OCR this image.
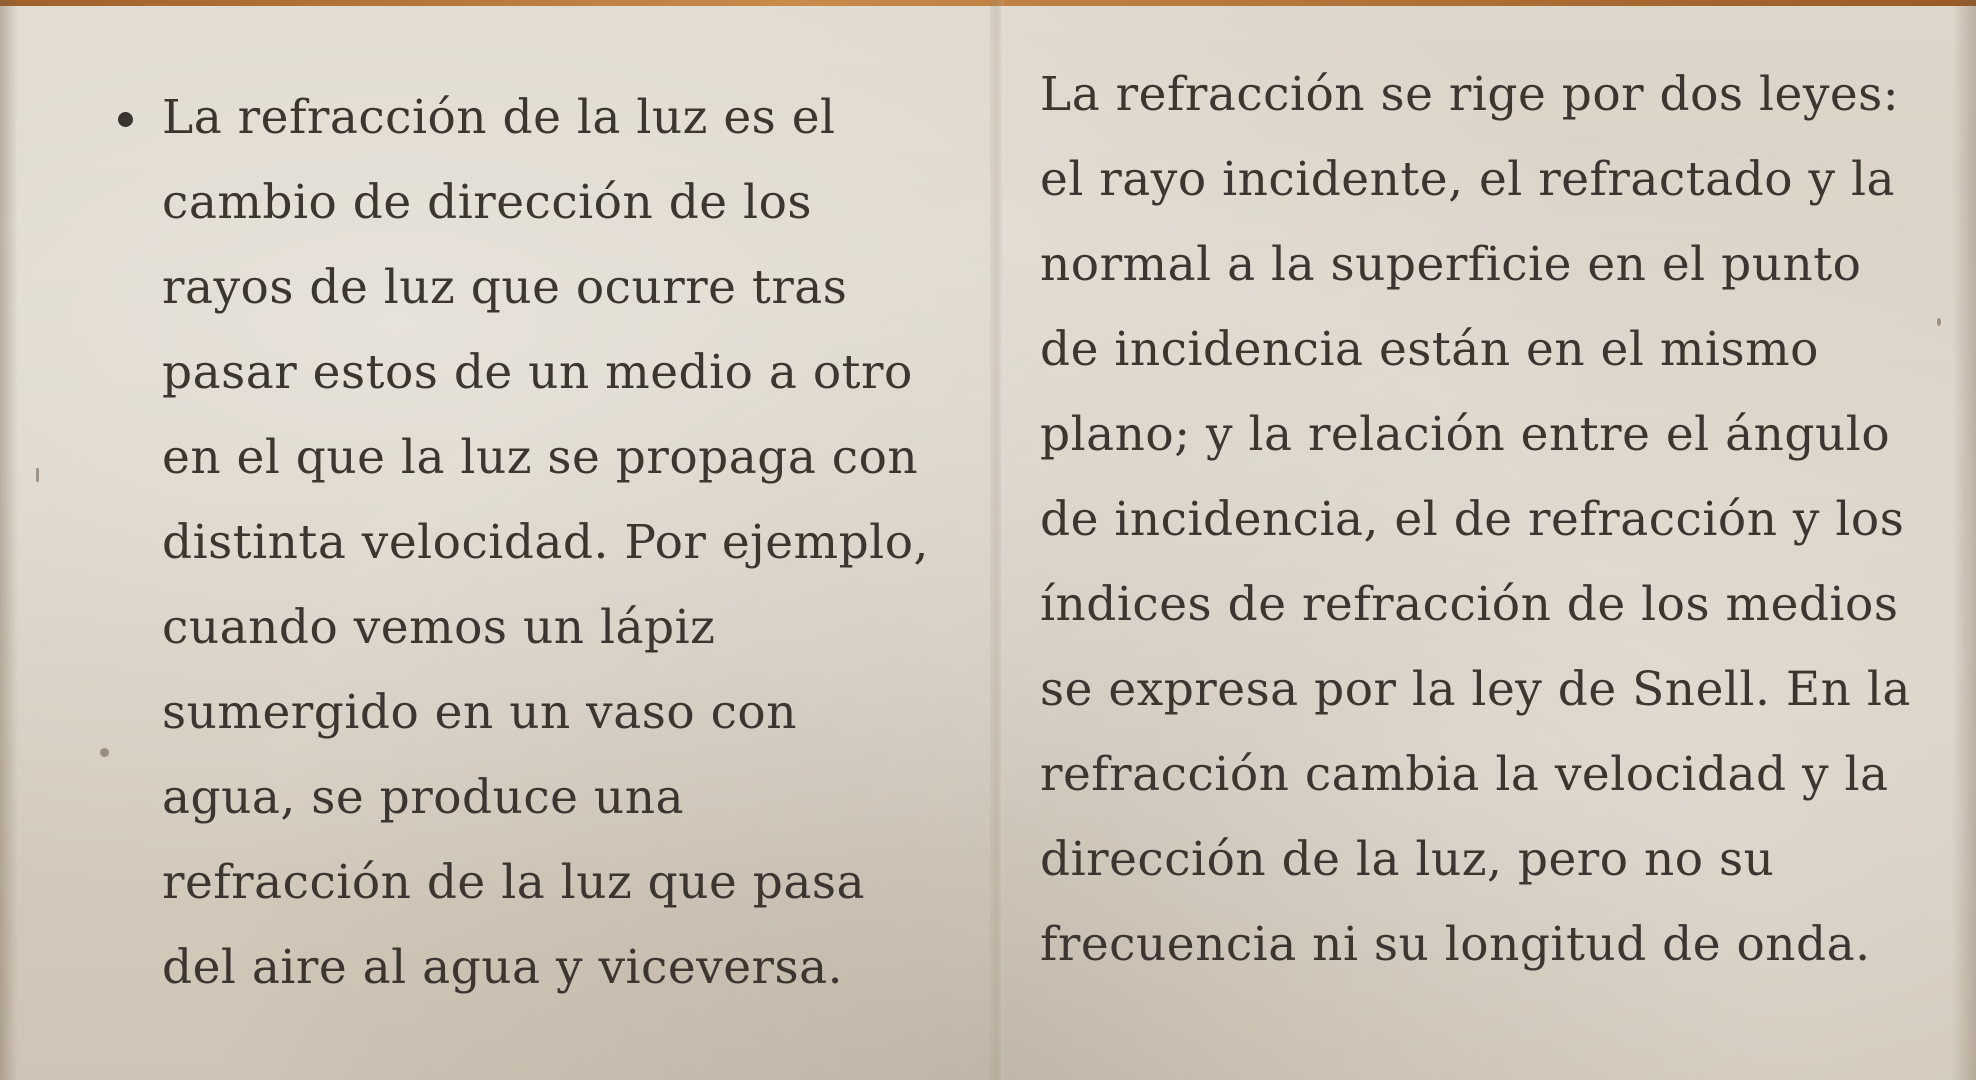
La refracción de la luz es el
cambio de dirección de los
rayos de luz que ocurre tras
pasar estos de un medio a otro
en el que la luz se propaga con
distinta velocidad. Por ejemplo,
cuando vemos un lápiz
sumergido en un vaso con
agua, se produce una
refracción de la luz que pasa
del aire al agua y viceversa.
La refracción se rige por dos leyes:
el rayo incidente, el refractado y la
normal a la superficie en el punto
de incidencia están en el mismo
plano; y la relación entre el ángulo
de incidencia, el de refracción y los
índices de refracción de los medios
se expresa por la ley de Snell. En la
refracción cambia la velocidad y la
dirección de la luz, pero no su
frecuencia ni su longitud de onda.
